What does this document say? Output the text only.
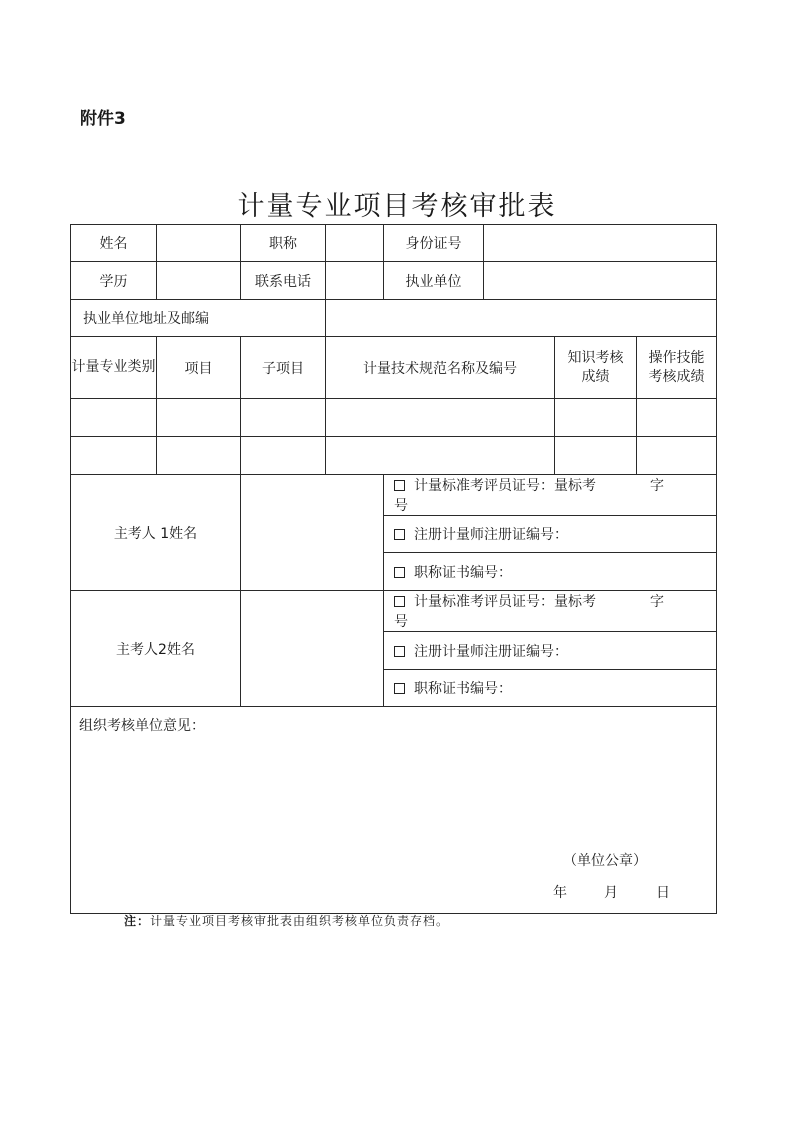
附件3
计量专业项目考核审批表
姓名		职称		身份证号			
学历		联系电话		执业单位			
执业单位地址及邮编							
计量专业类别	项目	子项目	计量技术规范名称及编号			知识考核成绩	操作技能考核成绩

主考人 1姓名				计量标准考评员证号：量标考 字号			
				注册计量师注册证编号：			
				职称证书编号：			
主考人2姓名				计量标准考评员证号：量标考 字号			
				注册计量师注册证编号：			
				职称证书编号：			

组织考核单位意见：
（单位公章）
年 月 日							
注：计量专业项目考核审批表由组织考核单位负责存档。
